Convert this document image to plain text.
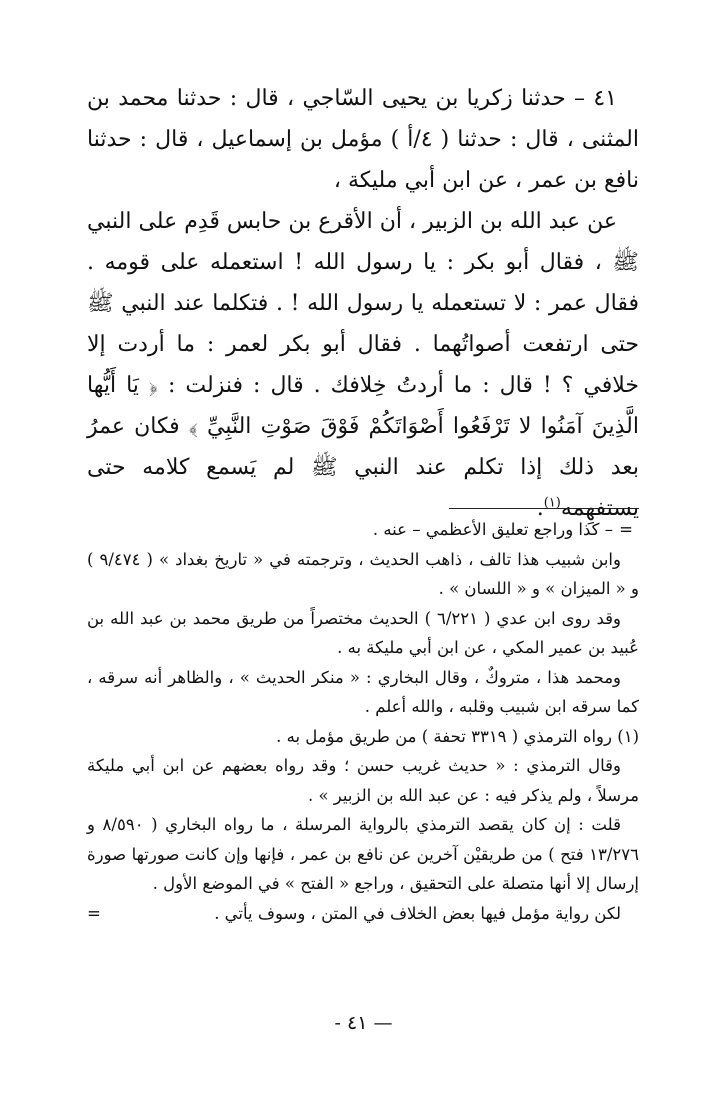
٤١ – حدثنا زكريا بن يحيى السّاجي ، قال : حدثنا محمد بن المثنى ، قال : حدثنا ( ٤/أ ) مؤمل بن إسماعيل ، قال : حدثنا نافع بن عمر ، عن ابن أبي مليكة ،

عن عبد الله بن الزبير ، أن الأقرع بن حابس قَدِم على النبي ﷺ ، فقال أبو بكر : يا رسول الله ! استعمله على قومه . فقال عمر : لا تستعمله يا رسول الله ! . فتكلما عند النبي ﷺ حتى ارتفعت أصواتُهما . فقال أبو بكر لعمر : ما أردت إلا خلافي ؟ ! قال : ما أردتُ خِلافك . قال : فنزلت : ﴿ يَا أَيُّها الَّذِينَ آمَنُوا لا تَرْفَعُوا أَصْوَاتَكُمْ فَوْقَ صَوْتِ النَّبِيِّ ﴾ فكان عمرُ بعد ذلك إذا تكلم عند النبي ﷺ لم يَسمع كلامه حتى يستفهِمه$^{(١)}$.

=– كذا وراجع تعليق الأعظمي – عنه .

وابن شبيب هذا تالف ، ذاهب الحديث ، وترجمته في « تاريخ بغداد » ( ٩/٤٧٤ ) و « الميزان » و « اللسان » .

وقد روى ابن عدي ( ٦/٢٢١ ) الحديث مختصراً من طريق محمد بن عبد الله بن عُبيد بن عمير المكي ، عن ابن أبي مليكة به .

ومحمد هذا ، متروكٌ ، وقال البخاري : « منكر الحديث » ، والظاهر أنه سرقه ، كما سرقه ابن شبيب وقلبه ، والله أعلم .

(١) رواه الترمذي ( ٣٣١٩ تحفة ) من طريق مؤمل به .

وقال الترمذي : « حديث غريب حسن ؛ وقد رواه بعضهم عن ابن أبي مليكة مرسلاً ، ولم يذكر فيه : عن عبد الله بن الزبير » .

قلت : إن كان يقصد الترمذي بالرواية المرسلة ، ما رواه البخاري ( ٨/٥٩٠ و ١٣/٢٧٦ فتح ) من طريقيْن آخرين عن نافع بن عمر ، فإنها وإن كانت صورتها صورة إرسال إلا أنها متصلة على التحقيق ، وراجع « الفتح » في الموضع الأول .

لكن رواية مؤمل فيها بعض الخلاف في المتن ، وسوف يأتي .
=

— ٤١ -
